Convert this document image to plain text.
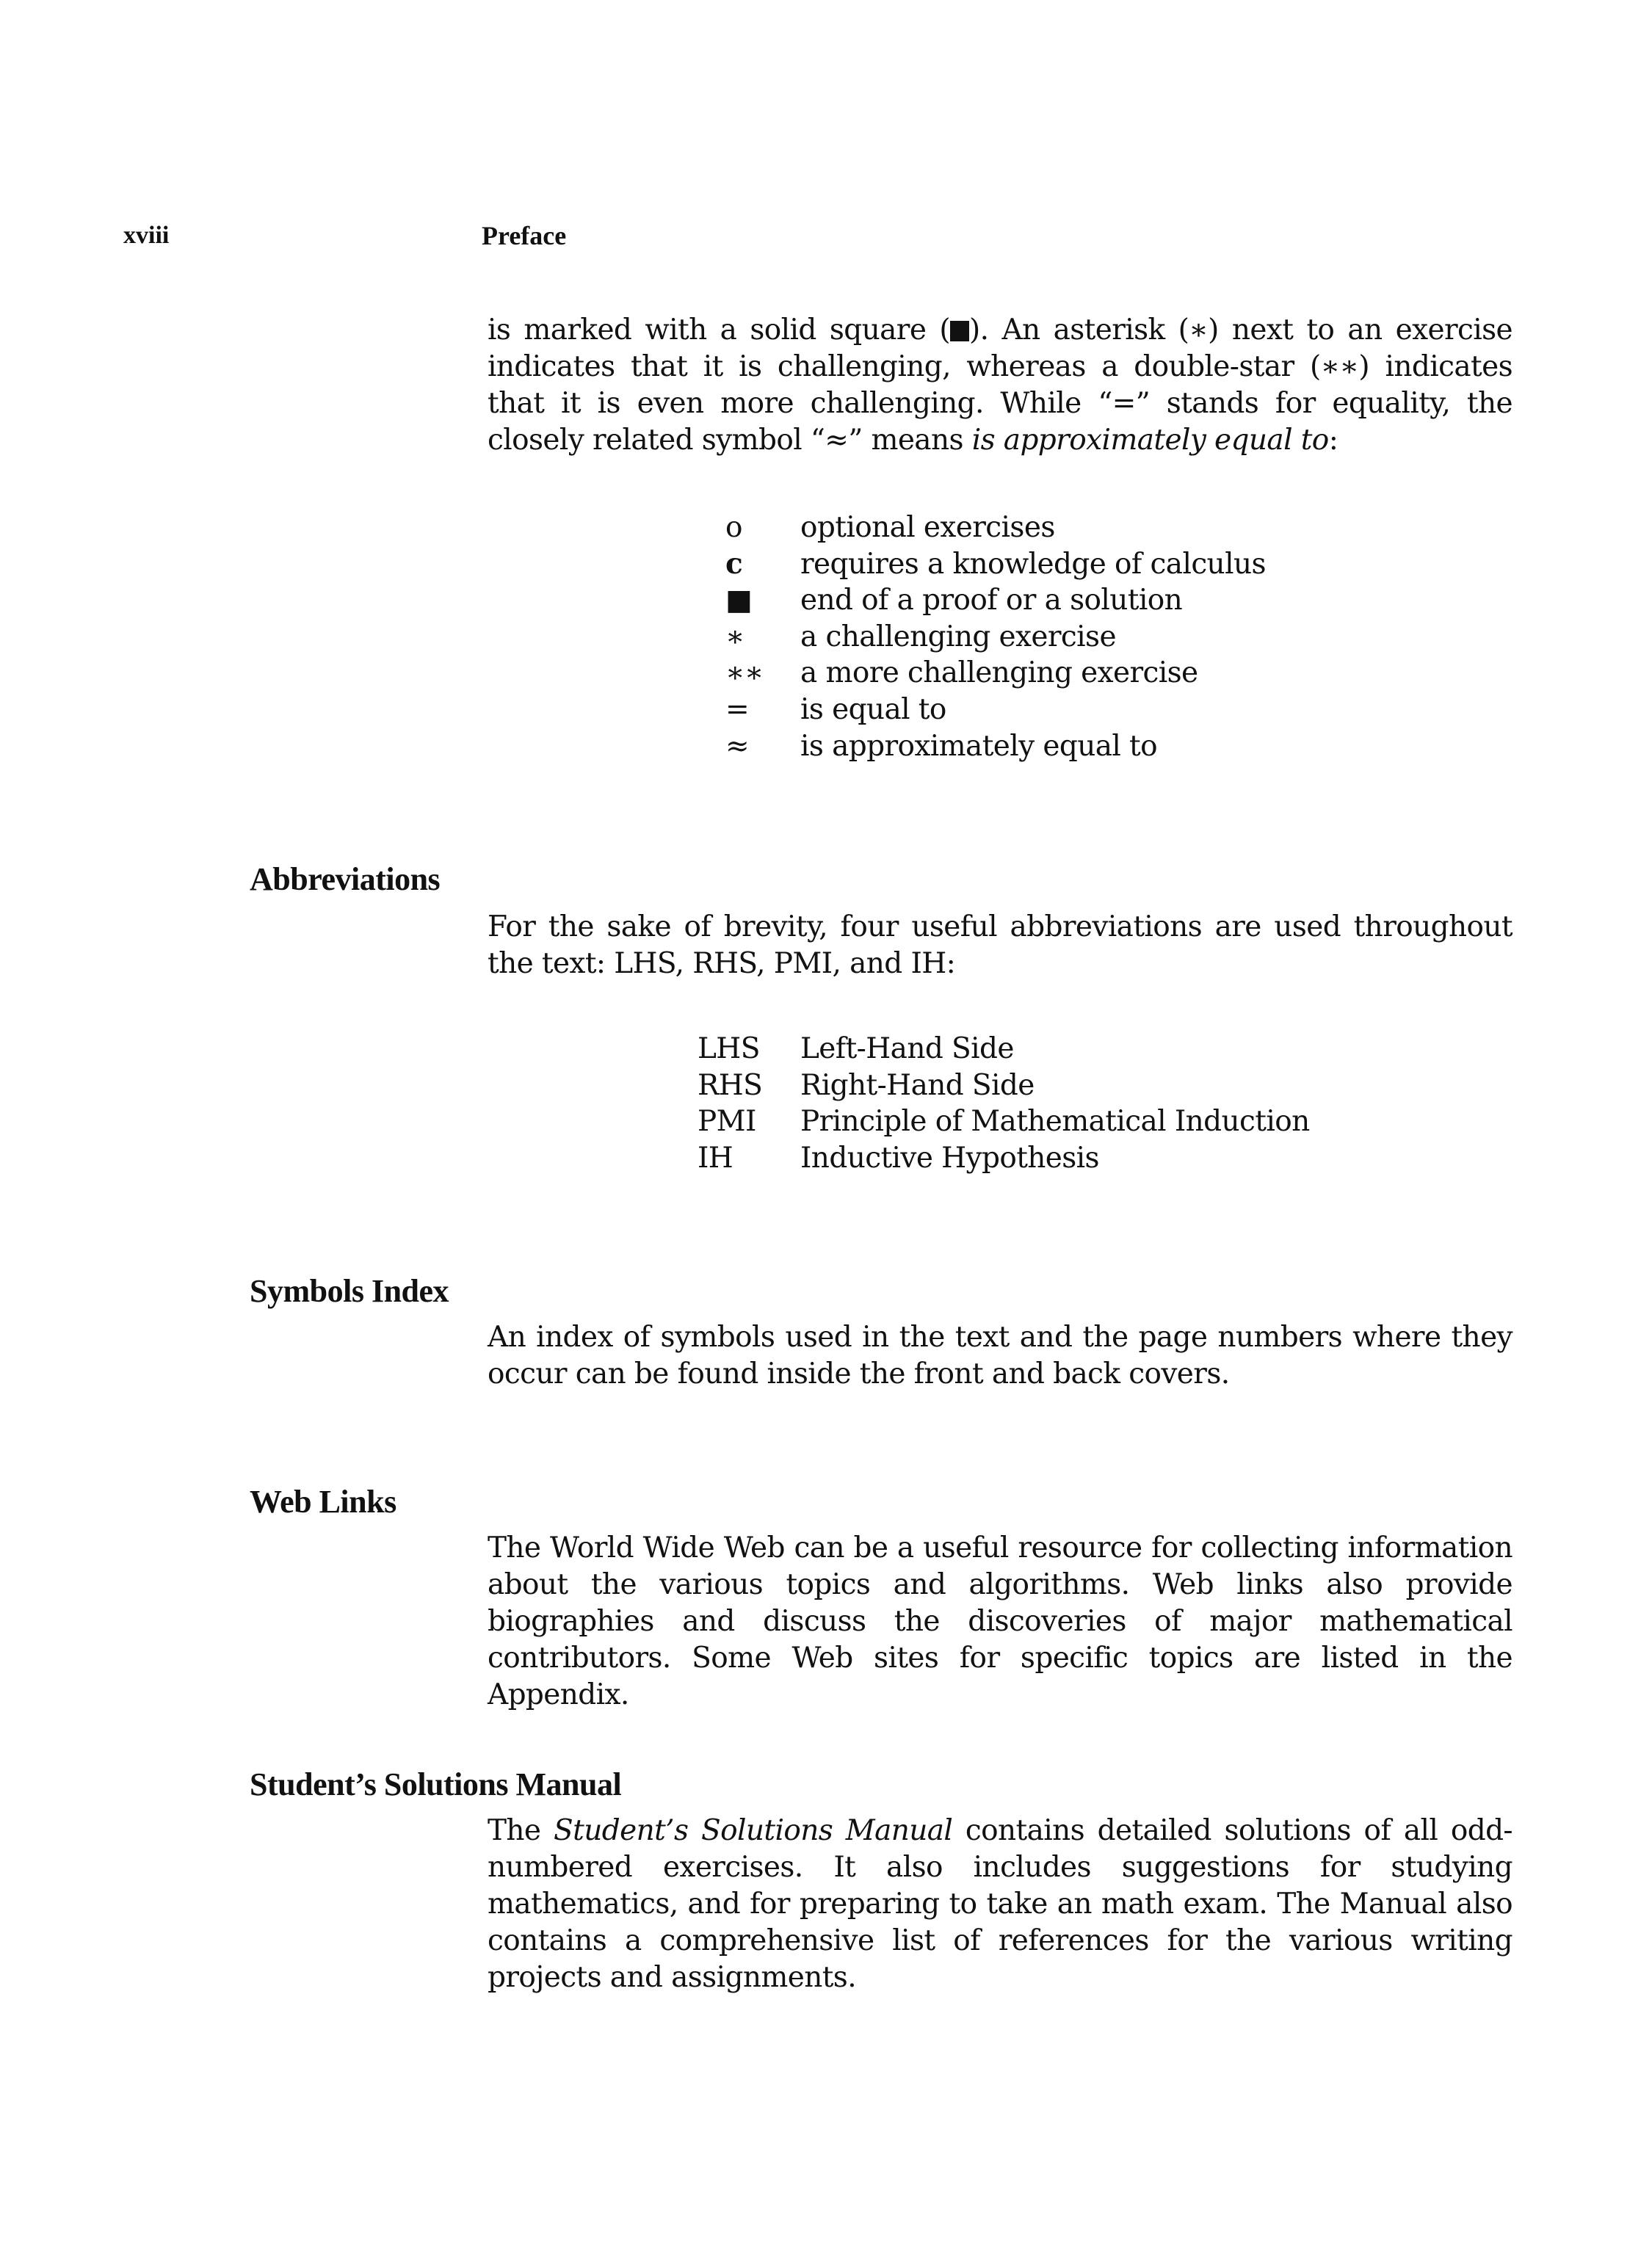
xviii	Preface
is marked with a solid square ( ). An asterisk (∗) next to an exercise indicates that it is challenging, whereas a double-star (∗∗) indicates that it is even more challenging. While “=” stands for equality, the closely related symbol “≈” means is approximately equal to:
o	optional exercises
c	requires a knowledge of calculus
■	end of a proof or a solution
∗	a challenging exercise
∗∗	a more challenging exercise
=	is equal to
≈	is approximately equal to
Abbreviations
For the sake of brevity, four useful abbreviations are used throughout the text: LHS, RHS, PMI, and IH:
LHS	Left-Hand Side
RHS	Right-Hand Side
PMI	Principle of Mathematical Induction
IH	Inductive Hypothesis
Symbols Index
An index of symbols used in the text and the page numbers where they occur can be found inside the front and back covers.
Web Links
The World Wide Web can be a useful resource for collecting information about the various topics and algorithms. Web links also provide biographies and discuss the discoveries of major mathematical contributors. Some Web sites for specific topics are listed in the Appendix.
Student’s Solutions Manual
The Student’s Solutions Manual contains detailed solutions of all odd-numbered exercises. It also includes suggestions for studying mathematics, and for preparing to take an math exam. The Manual also contains a comprehensive list of references for the various writing projects and assignments.
